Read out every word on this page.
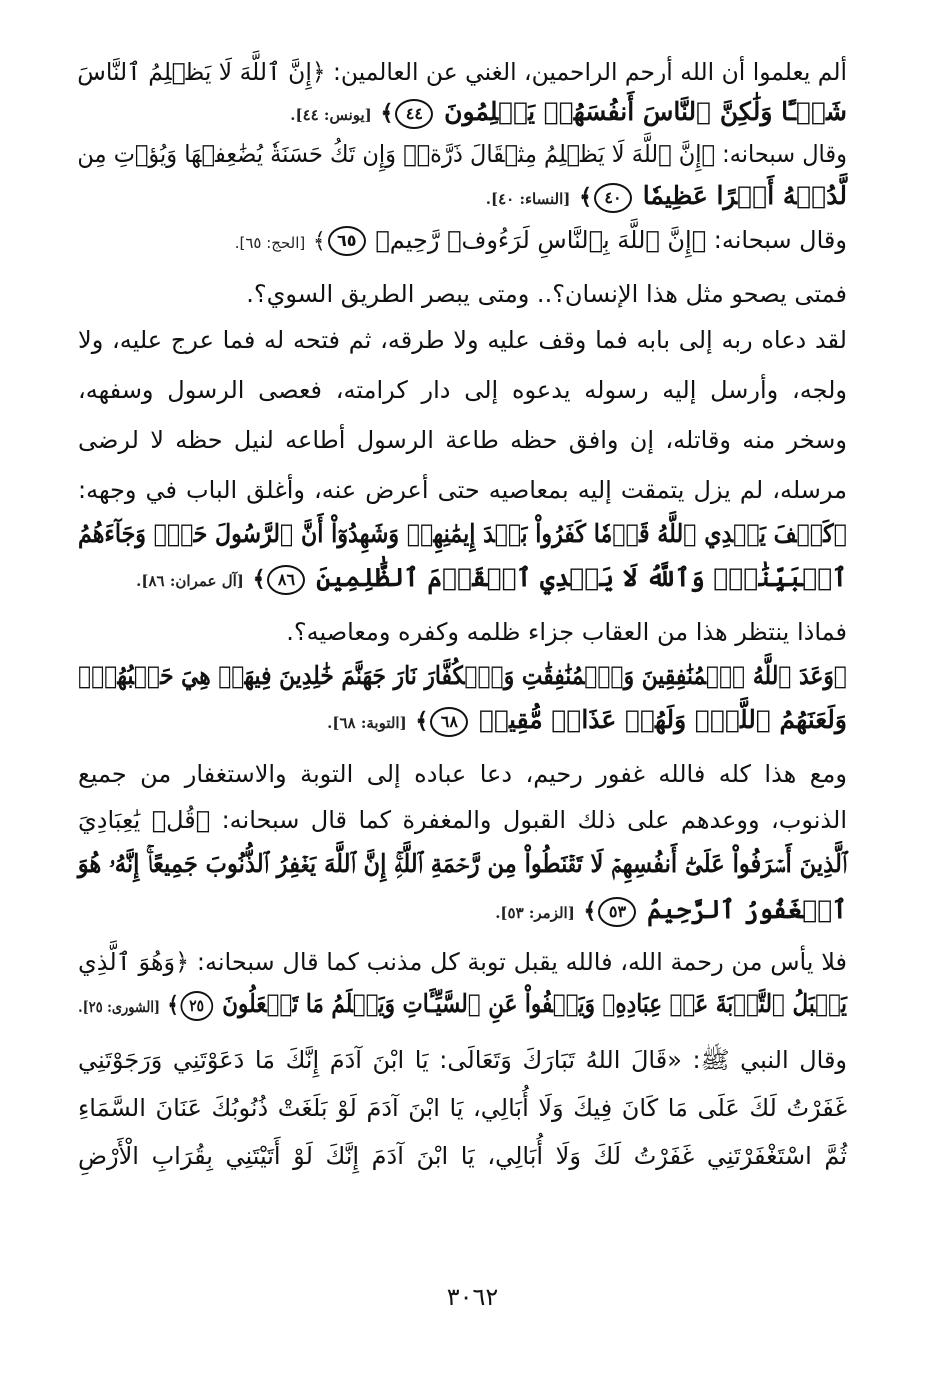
ألم يعلموا أن الله أرحم الراحمين، الغني عن العالمين: ﴿إِنَّ ٱللَّهَ لَا يَظۡلِمُ ٱلنَّاسَ
شَيۡـًٔا وَلَٰكِنَّ ٱلنَّاسَ أَنفُسَهُمۡ يَظۡلِمُونَ ٤٤﴾ [يونس: ٤٤].
وقال سبحانه: ﴿إِنَّ ٱللَّهَ لَا يَظۡلِمُ مِثۡقَالَ ذَرَّةٖۖ وَإِن تَكُ حَسَنَةٗ يُضَٰعِفۡهَا وَيُؤۡتِ مِن
لَّدُنۡهُ أَجۡرًا عَظِيمٗا ٤٠﴾ [النساء: ٤٠].
وقال سبحانه: ﴿إِنَّ ٱللَّهَ بِٱلنَّاسِ لَرَءُوفٞ رَّحِيمٞ ٦٥﴾ [الحج: ٦٥].
فمتى يصحو مثل هذا الإنسان؟.. ومتى يبصر الطريق السوي؟.
لقد دعاه ربه إلى بابه فما وقف عليه ولا طرقه، ثم فتحه له فما عرج عليه، ولا
ولجه، وأرسل إليه رسوله يدعوه إلى دار كرامته، فعصى الرسول وسفهه،
وسخر منه وقاتله، إن وافق حظه طاعة الرسول أطاعه لنيل حظه لا لرضى
مرسله، لم يزل يتمقت إليه بمعاصيه حتى أعرض عنه، وأغلق الباب في وجهه:
﴿كَيۡفَ يَهۡدِي ٱللَّهُ قَوۡمٗا كَفَرُواْ بَعۡدَ إِيمَٰنِهِمۡ وَشَهِدُوٓاْ أَنَّ ٱلرَّسُولَ حَقّٞ وَجَآءَهُمُ
ٱلۡبَيِّنَٰتُۚ وَٱللَّهُ لَا يَهۡدِي ٱلۡقَوۡمَ ٱلظَّٰلِمِينَ ٨٦﴾ [آل عمران: ٨٦].
فماذا ينتظر هذا من العقاب جزاء ظلمه وكفره ومعاصيه؟.
﴿وَعَدَ ٱللَّهُ ٱلۡمُنَٰفِقِينَ وَٱلۡمُنَٰفِقَٰتِ وَٱلۡكُفَّارَ نَارَ جَهَنَّمَ خَٰلِدِينَ فِيهَاۚ هِيَ حَسۡبُهُمۡۚ
وَلَعَنَهُمُ ٱللَّهُۖ وَلَهُمۡ عَذَابٞ مُّقِيمٞ ٦٨﴾ [التوبة: ٦٨].
ومع هذا كله فالله غفور رحيم، دعا عباده إلى التوبة والاستغفار من جميع
الذنوب، ووعدهم على ذلك القبول والمغفرة كما قال سبحانه: ﴿قُلۡ يَٰعِبَادِيَ
ٱلَّذِينَ أَسۡرَفُواْ عَلَىٰٓ أَنفُسِهِمۡ لَا تَقۡنَطُواْ مِن رَّحۡمَةِ ٱللَّهِۚ إِنَّ ٱللَّهَ يَغۡفِرُ ٱلذُّنُوبَ جَمِيعًاۚ إِنَّهُۥ هُوَ
ٱلۡغَفُورُ ٱلرَّحِيمُ ٥٣﴾ [الزمر: ٥٣].
فلا يأس من رحمة الله، فالله يقبل توبة كل مذنب كما قال سبحانه: ﴿وَهُوَ ٱلَّذِي
يَقۡبَلُ ٱلتَّوۡبَةَ عَنۡ عِبَادِهِۦ وَيَعۡفُواْ عَنِ ٱلسَّيِّـَٔاتِ وَيَعۡلَمُ مَا تَفۡعَلُونَ ٢٥﴾ [الشورى: ٢٥].
وقال النبي ﷺ: «قَالَ اللهُ تَبَارَكَ وَتَعَالَى: يَا ابْنَ آدَمَ إِنَّكَ مَا دَعَوْتَنِي وَرَجَوْتَنِي
غَفَرْتُ لَكَ عَلَى مَا كَانَ فِيكَ وَلَا أُبَالِي، يَا ابْنَ آدَمَ لَوْ بَلَغَتْ ذُنُوبُكَ عَنَانَ السَّمَاءِ
ثُمَّ اسْتَغْفَرْتَنِي غَفَرْتُ لَكَ وَلَا أُبَالِي، يَا ابْنَ آدَمَ إِنَّكَ لَوْ أَتَيْتَنِي بِقُرَابِ الْأَرْضِ
٣٠٦٢
